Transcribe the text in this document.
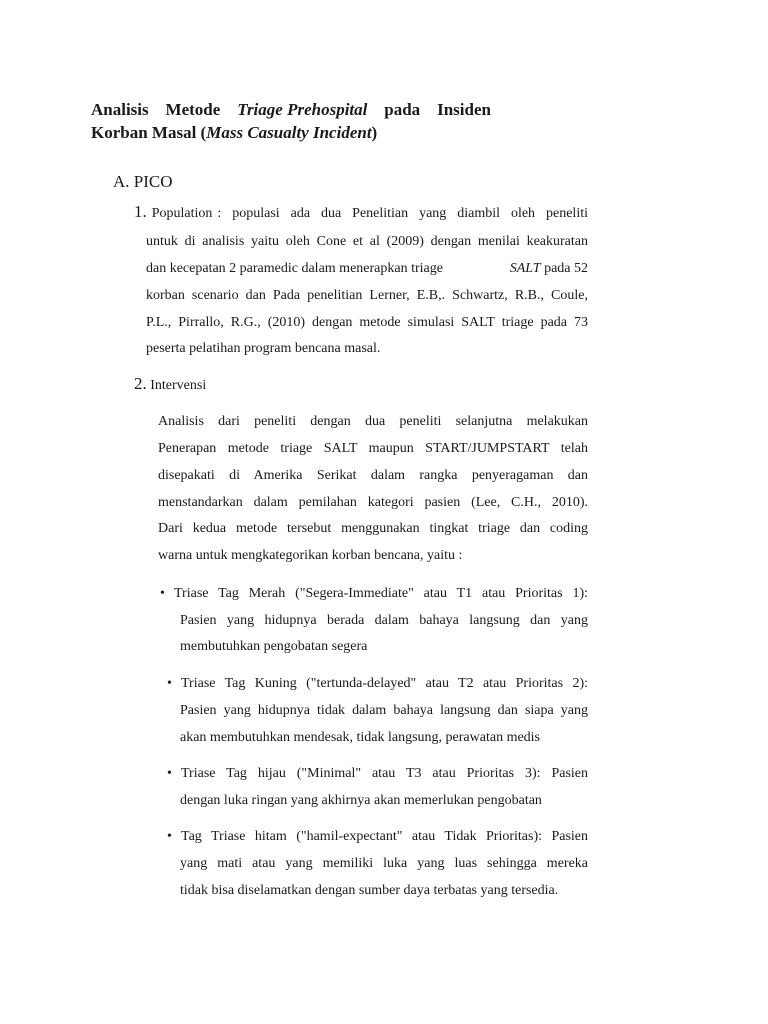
Analisis Metode Triage Prehospital pada Insiden
Korban Masal (Mass Casualty Incident)
A. PICO
1. Population : populasi ada dua Penelitian yang diambil oleh peneliti
untuk di analisis yaitu oleh Cone et al (2009) dengan menilai keakuratan
dan kecepatan 2 paramedic dalam menerapkan triage	SALT pada 52
korban scenario dan Pada penelitian Lerner, E.B,. Schwartz, R.B., Coule,
P.L., Pirrallo, R.G., (2010) dengan metode simulasi SALT triage pada 73
peserta pelatihan program bencana masal.
2. Intervensi
Analisis dari peneliti dengan dua peneliti selanjutna melakukan
Penerapan metode triage SALT maupun START/JUMPSTART telah
disepakati di Amerika Serikat dalam rangka penyeragaman dan
menstandarkan dalam pemilahan kategori pasien (Lee, C.H., 2010).
Dari kedua metode tersebut menggunakan tingkat triage dan coding
warna untuk mengkategorikan korban bencana, yaitu :
• Triase Tag Merah ("Segera-Immediate" atau T1 atau Prioritas 1):
Pasien yang hidupnya berada dalam bahaya langsung dan yang
membutuhkan pengobatan segera
• Triase Tag Kuning ("tertunda-delayed" atau T2 atau Prioritas 2):
Pasien yang hidupnya tidak dalam bahaya langsung dan siapa yang
akan membutuhkan mendesak, tidak langsung, perawatan medis
• Triase Tag hijau ("Minimal" atau T3 atau Prioritas 3): Pasien
dengan luka ringan yang akhirnya akan memerlukan pengobatan
• Tag Triase hitam ("hamil-expectant" atau Tidak Prioritas): Pasien
yang mati atau yang memiliki luka yang luas sehingga mereka
tidak bisa diselamatkan dengan sumber daya terbatas yang tersedia.
